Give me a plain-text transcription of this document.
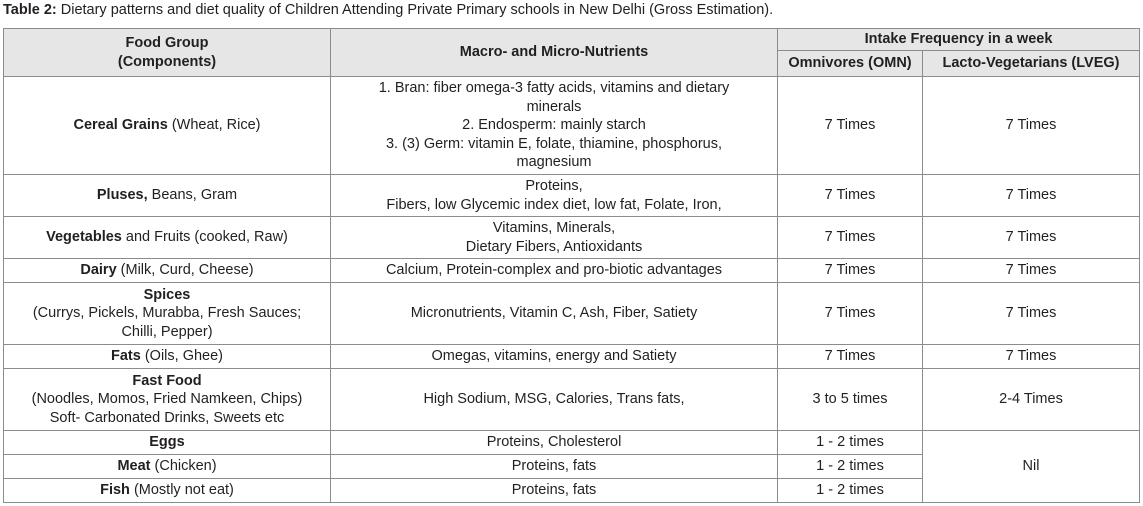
Table 2: Dietary patterns and diet quality of Children Attending Private Primary schools in New Delhi (Gross Estimation).
Food Group
(Components)	Macro- and Micro-Nutrients	Intake Frequency in a week	
		Omnivores (OMN)	Lacto-Vegetarians (LVEG)
Cereal Grains (Wheat, Rice)	1. Bran: fiber omega-3 fatty acids, vitamins and dietary
minerals
2. Endosperm: mainly starch
3. (3) Germ: vitamin E, folate, thiamine, phosphorus,
magnesium	7 Times	7 Times
Pluses, Beans, Gram	Proteins,
Fibers, low Glycemic index diet, low fat, Folate, Iron,	7 Times	7 Times
Vegetables and Fruits (cooked, Raw)	Vitamins, Minerals,
Dietary Fibers, Antioxidants	7 Times	7 Times
Dairy (Milk, Curd, Cheese)	Calcium, Protein-complex and pro-biotic advantages	7 Times	7 Times

Spices
(Currys, Pickels, Murabba, Fresh Sauces;
Chilli, Pepper)	Micronutrients, Vitamin C, Ash, Fiber, Satiety	7 Times	7 Times
Fats (Oils, Ghee)	Omegas, vitamins, energy and Satiety	7 Times	7 Times

Fast Food
(Noodles, Momos, Fried Namkeen, Chips)
Soft- Carbonated Drinks, Sweets etc	High Sodium, MSG, Calories, Trans fats,	3 to 5 times	2-4 Times
Eggs	Proteins, Cholesterol	1 - 2 times	Nil
Meat (Chicken)	Proteins, fats	1 - 2 times	
Fish (Mostly not eat)	Proteins, fats	1 - 2 times	
